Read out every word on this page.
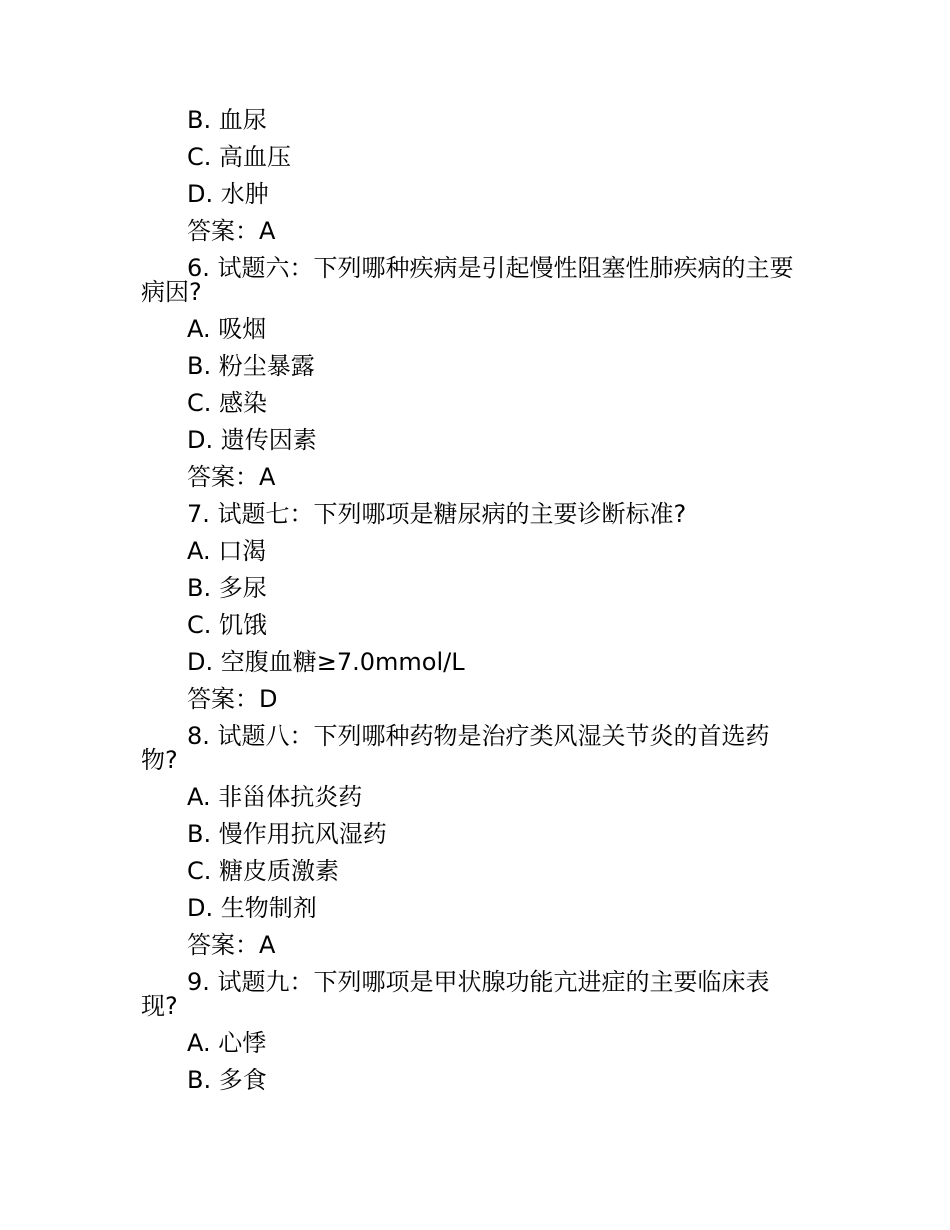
B. 血尿
C. 高血压
D. 水肿
答案：A
6. 试题六：下列哪种疾病是引起慢性阻塞性肺疾病的主要
病因?
A. 吸烟
B. 粉尘暴露
C. 感染
D. 遗传因素
答案：A
7. 试题七：下列哪项是糖尿病的主要诊断标准?
A. 口渴
B. 多尿
C. 饥饿
D. 空腹血糖≥7.0mmol/L
答案：D
8. 试题八：下列哪种药物是治疗类风湿关节炎的首选药
物?
A. 非甾体抗炎药
B. 慢作用抗风湿药
C. 糖皮质激素
D. 生物制剂
答案：A
9. 试题九：下列哪项是甲状腺功能亢进症的主要临床表
现?
A. 心悸
B. 多食
